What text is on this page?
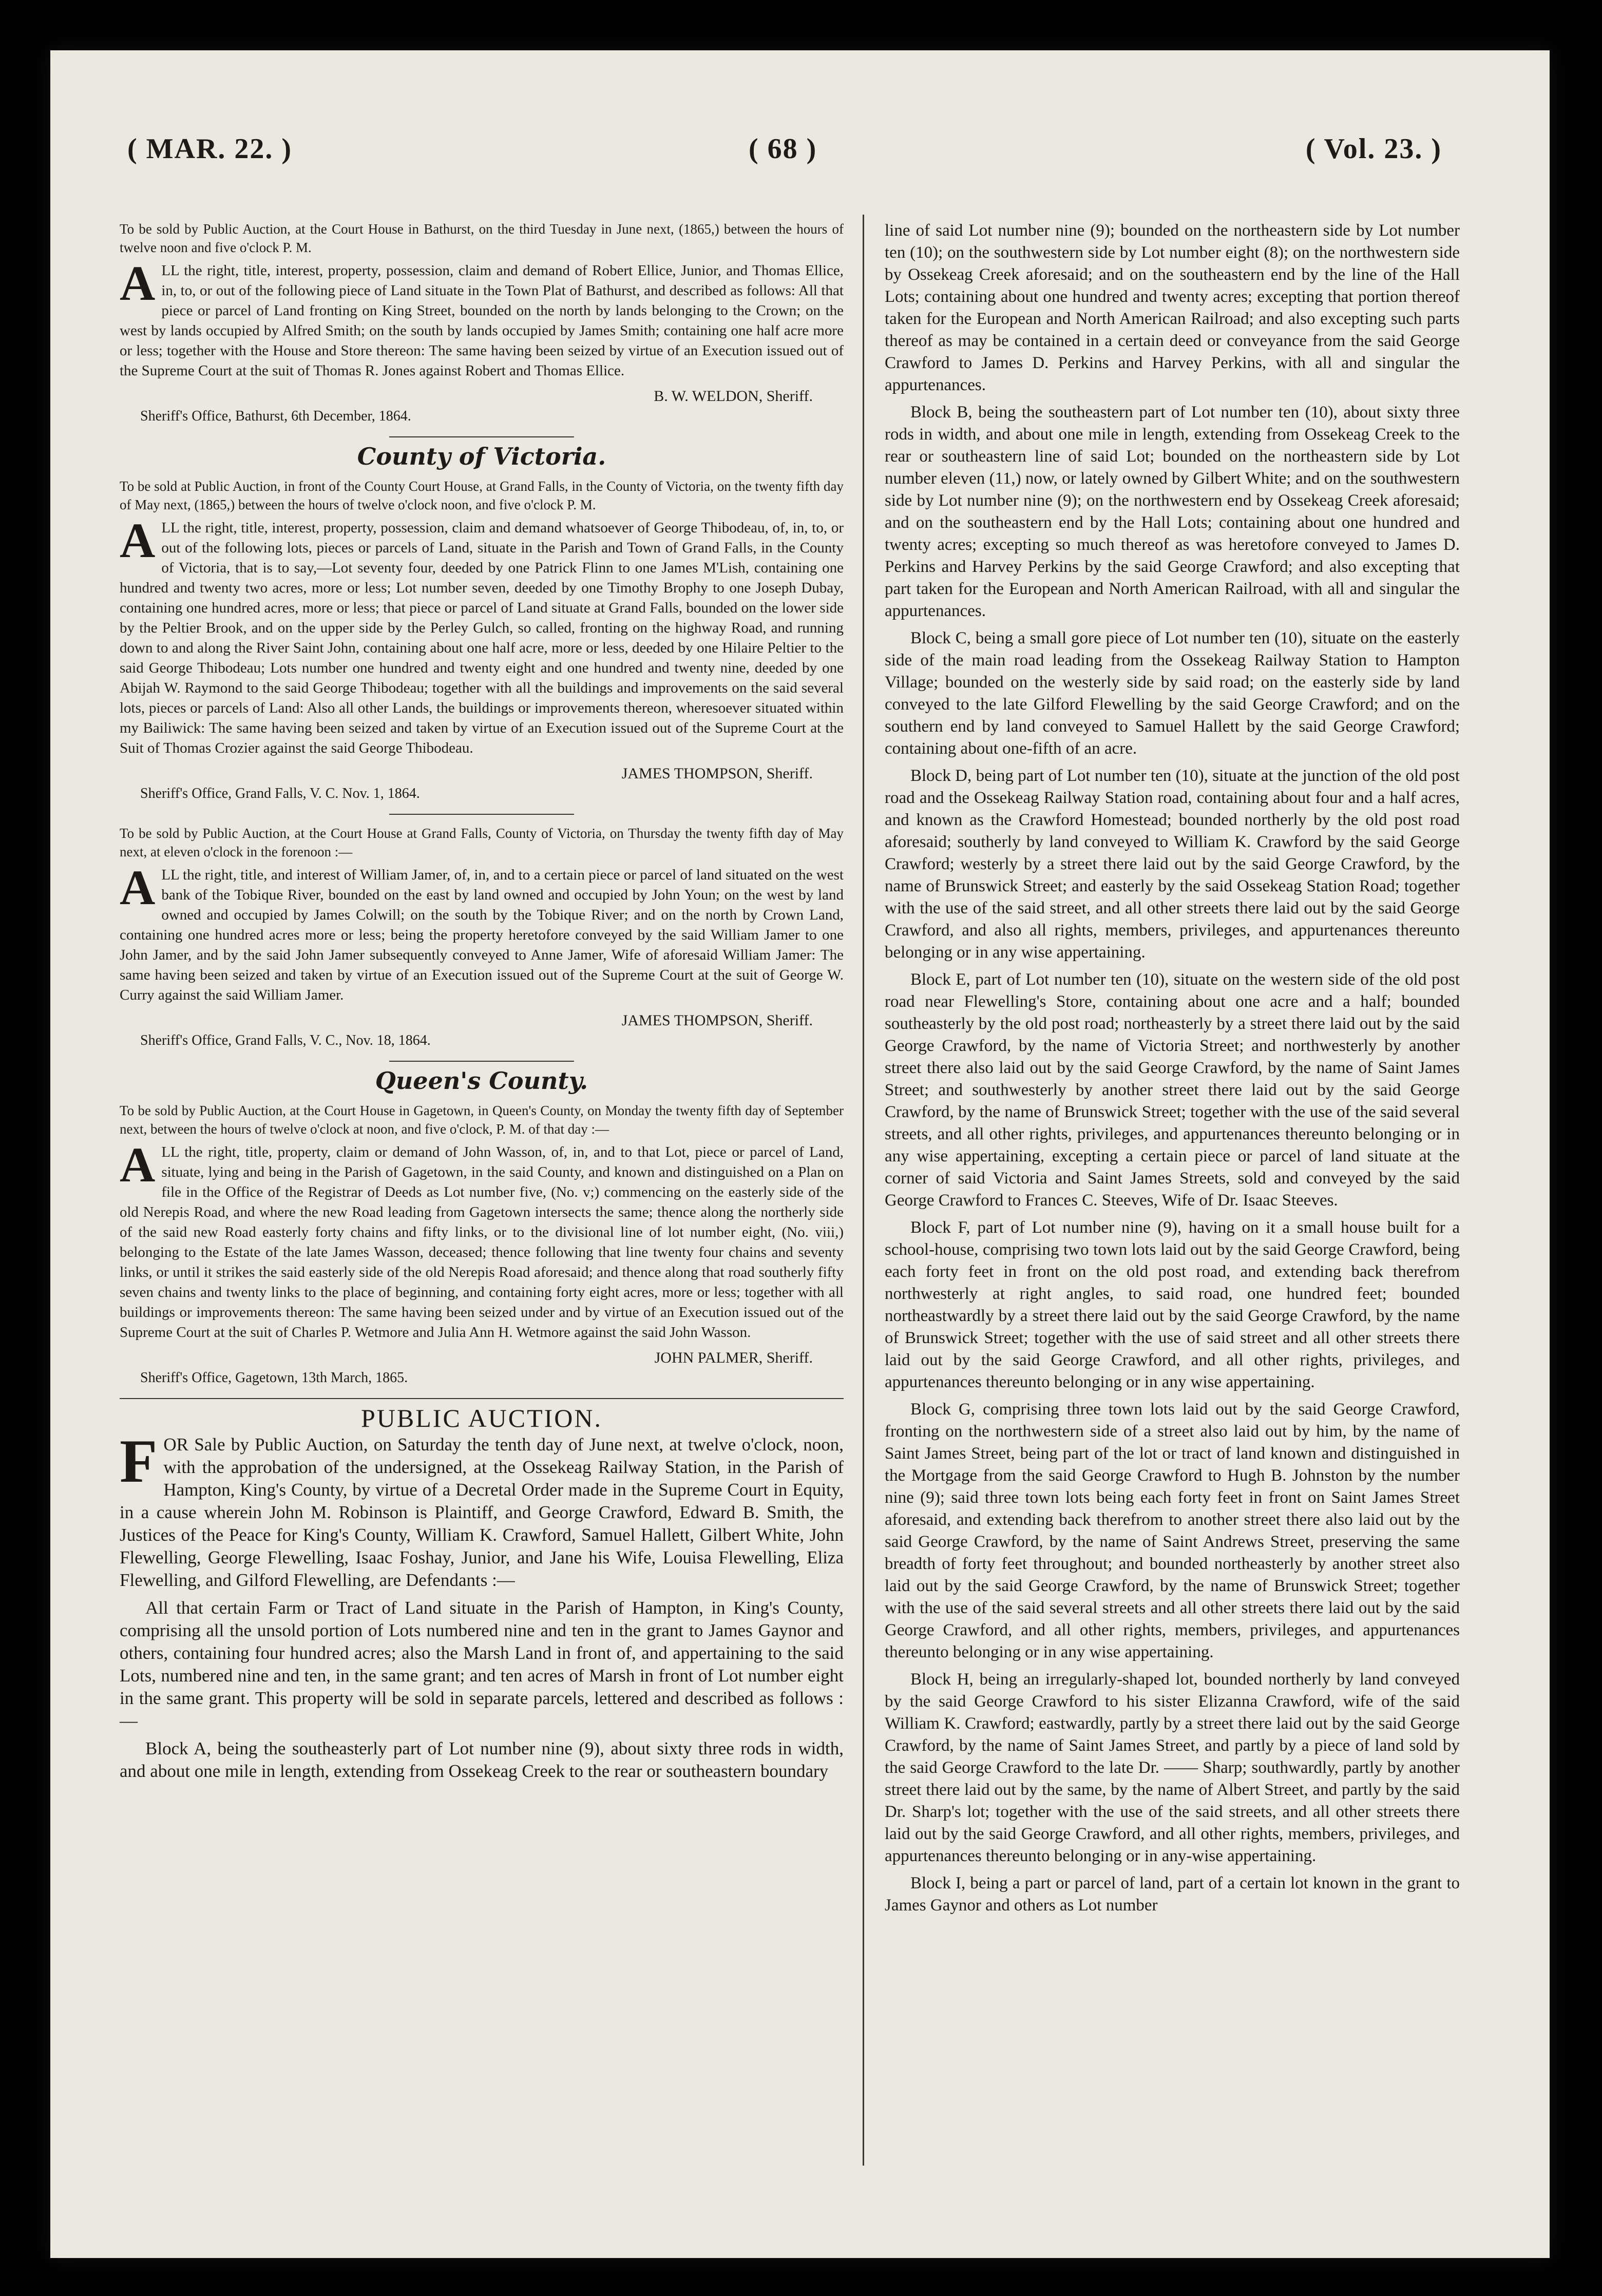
( MAR. 22. )	( 68 )	( Vol. 23. )

To be sold by Public Auction, at the Court House in Bathurst, on the third Tuesday in June next, (1865,) between the hours of twelve noon and five o'clock P. M.

ALL the right, title, interest, property, possession, claim and demand of Robert Ellice, Junior, and Thomas Ellice, in, to, or out of the following piece of Land situate in the Town Plat of Bathurst, and described as follows: All that piece or parcel of Land fronting on King Street, bounded on the north by lands belonging to the Crown; on the west by lands occupied by Alfred Smith; on the south by lands occupied by James Smith; containing one half acre more or less; together with the House and Store thereon: The same having been seized by virtue of an Execution issued out of the Supreme Court at the suit of Thomas R. Jones against Robert and Thomas Ellice.

B. W. WELDON, Sheriff.

Sheriff's Office, Bathurst, 6th December, 1864.

County of Victoria.

To be sold at Public Auction, in front of the County Court House, at Grand Falls, in the County of Victoria, on the twenty fifth day of May next, (1865,) between the hours of twelve o'clock noon, and five o'clock P. M.

ALL the right, title, interest, property, possession, claim and demand whatsoever of George Thibodeau, of, in, to, or out of the following lots, pieces or parcels of Land, situate in the Parish and Town of Grand Falls, in the County of Victoria, that is to say,—Lot seventy four, deeded by one Patrick Flinn to one James M'Lish, containing one hundred and twenty two acres, more or less; Lot number seven, deeded by one Timothy Brophy to one Joseph Dubay, containing one hundred acres, more or less; that piece or parcel of Land situate at Grand Falls, bounded on the lower side by the Peltier Brook, and on the upper side by the Perley Gulch, so called, fronting on the highway Road, and running down to and along the River Saint John, containing about one half acre, more or less, deeded by one Hilaire Peltier to the said George Thibodeau; Lots number one hundred and twenty eight and one hundred and twenty nine, deeded by one Abijah W. Raymond to the said George Thibodeau; together with all the buildings and improvements on the said several lots, pieces or parcels of Land: Also all other Lands, the buildings or improvements thereon, wheresoever situated within my Bailiwick: The same having been seized and taken by virtue of an Execution issued out of the Supreme Court at the Suit of Thomas Crozier against the said George Thibodeau.

JAMES THOMPSON, Sheriff.

Sheriff's Office, Grand Falls, V. C. Nov. 1, 1864.

To be sold by Public Auction, at the Court House at Grand Falls, County of Victoria, on Thursday the twenty fifth day of May next, at eleven o'clock in the forenoon :—

ALL the right, title, and interest of William Jamer, of, in, and to a certain piece or parcel of land situated on the west bank of the Tobique River, bounded on the east by land owned and occupied by John Youn; on the west by land owned and occupied by James Colwill; on the south by the Tobique River; and on the north by Crown Land, containing one hundred acres more or less; being the property heretofore conveyed by the said William Jamer to one John Jamer, and by the said John Jamer subsequently conveyed to Anne Jamer, Wife of aforesaid William Jamer: The same having been seized and taken by virtue of an Execution issued out of the Supreme Court at the suit of George W. Curry against the said William Jamer.

JAMES THOMPSON, Sheriff.

Sheriff's Office, Grand Falls, V. C., Nov. 18, 1864.

Queen's County.

To be sold by Public Auction, at the Court House in Gagetown, in Queen's County, on Monday the twenty fifth day of September next, between the hours of twelve o'clock at noon, and five o'clock, P. M. of that day :—

ALL the right, title, property, claim or demand of John Wasson, of, in, and to that Lot, piece or parcel of Land, situate, lying and being in the Parish of Gagetown, in the said County, and known and distinguished on a Plan on file in the Office of the Registrar of Deeds as Lot number five, (No. v;) commencing on the easterly side of the old Nerepis Road, and where the new Road leading from Gagetown intersects the same; thence along the northerly side of the said new Road easterly forty chains and fifty links, or to the divisional line of lot number eight, (No. viii,) belonging to the Estate of the late James Wasson, deceased; thence following that line twenty four chains and seventy links, or until it strikes the said easterly side of the old Nerepis Road aforesaid; and thence along that road southerly fifty seven chains and twenty links to the place of beginning, and containing forty eight acres, more or less; together with all buildings or improvements thereon: The same having been seized under and by virtue of an Execution issued out of the Supreme Court at the suit of Charles P. Wetmore and Julia Ann H. Wetmore against the said John Wasson.

JOHN PALMER, Sheriff.

Sheriff's Office, Gagetown, 13th March, 1865.

PUBLIC AUCTION.

FOR Sale by Public Auction, on Saturday the tenth day of June next, at twelve o'clock, noon, with the approbation of the undersigned, at the Ossekeag Railway Station, in the Parish of Hampton, King's County, by virtue of a Decretal Order made in the Supreme Court in Equity, in a cause wherein John M. Robinson is Plaintiff, and George Crawford, Edward B. Smith, the Justices of the Peace for King's County, William K. Crawford, Samuel Hallett, Gilbert White, John Flewelling, George Flewelling, Isaac Foshay, Junior, and Jane his Wife, Louisa Flewelling, Eliza Flewelling, and Gilford Flewelling, are Defendants :—

All that certain Farm or Tract of Land situate in the Parish of Hampton, in King's County, comprising all the unsold portion of Lots numbered nine and ten in the grant to James Gaynor and others, containing four hundred acres; also the Marsh Land in front of, and appertaining to the said Lots, numbered nine and ten, in the same grant; and ten acres of Marsh in front of Lot number eight in the same grant. This property will be sold in separate parcels, lettered and described as follows :—

Block A, being the southeasterly part of Lot number nine (9), about sixty three rods in width, and about one mile in length, extending from Ossekeag Creek to the rear or southeastern boundary

line of said Lot number nine (9); bounded on the northeastern side by Lot number ten (10); on the southwestern side by Lot number eight (8); on the northwestern side by Ossekeag Creek aforesaid; and on the southeastern end by the line of the Hall Lots; containing about one hundred and twenty acres; excepting that portion thereof taken for the European and North American Railroad; and also excepting such parts thereof as may be contained in a certain deed or conveyance from the said George Crawford to James D. Perkins and Harvey Perkins, with all and singular the appurtenances.

Block B, being the southeastern part of Lot number ten (10), about sixty three rods in width, and about one mile in length, extending from Ossekeag Creek to the rear or southeastern line of said Lot; bounded on the northeastern side by Lot number eleven (11,) now, or lately owned by Gilbert White; and on the southwestern side by Lot number nine (9); on the northwestern end by Ossekeag Creek aforesaid; and on the southeastern end by the Hall Lots; containing about one hundred and twenty acres; excepting so much thereof as was heretofore conveyed to James D. Perkins and Harvey Perkins by the said George Crawford; and also excepting that part taken for the European and North American Railroad, with all and singular the appurtenances.

Block C, being a small gore piece of Lot number ten (10), situate on the easterly side of the main road leading from the Ossekeag Railway Station to Hampton Village; bounded on the westerly side by said road; on the easterly side by land conveyed to the late Gilford Flewelling by the said George Crawford; and on the southern end by land conveyed to Samuel Hallett by the said George Crawford; containing about one-fifth of an acre.

Block D, being part of Lot number ten (10), situate at the junction of the old post road and the Ossekeag Railway Station road, containing about four and a half acres, and known as the Crawford Homestead; bounded northerly by the old post road aforesaid; southerly by land conveyed to William K. Crawford by the said George Crawford; westerly by a street there laid out by the said George Crawford, by the name of Brunswick Street; and easterly by the said Ossekeag Station Road; together with the use of the said street, and all other streets there laid out by the said George Crawford, and also all rights, members, privileges, and appurtenances thereunto belonging or in any wise appertaining.

Block E, part of Lot number ten (10), situate on the western side of the old post road near Flewelling's Store, containing about one acre and a half; bounded southeasterly by the old post road; northeasterly by a street there laid out by the said George Crawford, by the name of Victoria Street; and northwesterly by another street there also laid out by the said George Crawford, by the name of Saint James Street; and southwesterly by another street there laid out by the said George Crawford, by the name of Brunswick Street; together with the use of the said several streets, and all other rights, privileges, and appurtenances thereunto belonging or in any wise appertaining, excepting a certain piece or parcel of land situate at the corner of said Victoria and Saint James Streets, sold and conveyed by the said George Crawford to Frances C. Steeves, Wife of Dr. Isaac Steeves.

Block F, part of Lot number nine (9), having on it a small house built for a school-house, comprising two town lots laid out by the said George Crawford, being each forty feet in front on the old post road, and extending back therefrom northwesterly at right angles, to said road, one hundred feet; bounded northeastwardly by a street there laid out by the said George Crawford, by the name of Brunswick Street; together with the use of said street and all other streets there laid out by the said George Crawford, and all other rights, privileges, and appurtenances thereunto belonging or in any wise appertaining.

Block G, comprising three town lots laid out by the said George Crawford, fronting on the northwestern side of a street also laid out by him, by the name of Saint James Street, being part of the lot or tract of land known and distinguished in the Mortgage from the said George Crawford to Hugh B. Johnston by the number nine (9); said three town lots being each forty feet in front on Saint James Street aforesaid, and extending back therefrom to another street there also laid out by the said George Crawford, by the name of Saint Andrews Street, preserving the same breadth of forty feet throughout; and bounded northeasterly by another street also laid out by the said George Crawford, by the name of Brunswick Street; together with the use of the said several streets and all other streets there laid out by the said George Crawford, and all other rights, members, privileges, and appurtenances thereunto belonging or in any wise appertaining.

Block H, being an irregularly-shaped lot, bounded northerly by land conveyed by the said George Crawford to his sister Elizanna Crawford, wife of the said William K. Crawford; eastwardly, partly by a street there laid out by the said George Crawford, by the name of Saint James Street, and partly by a piece of land sold by the said George Crawford to the late Dr. —— Sharp; southwardly, partly by another street there laid out by the same, by the name of Albert Street, and partly by the said Dr. Sharp's lot; together with the use of the said streets, and all other streets there laid out by the said George Crawford, and all other rights, members, privileges, and appurtenances thereunto belonging or in any-wise appertaining.

Block I, being a part or parcel of land, part of a certain lot known in the grant to James Gaynor and others as Lot number
